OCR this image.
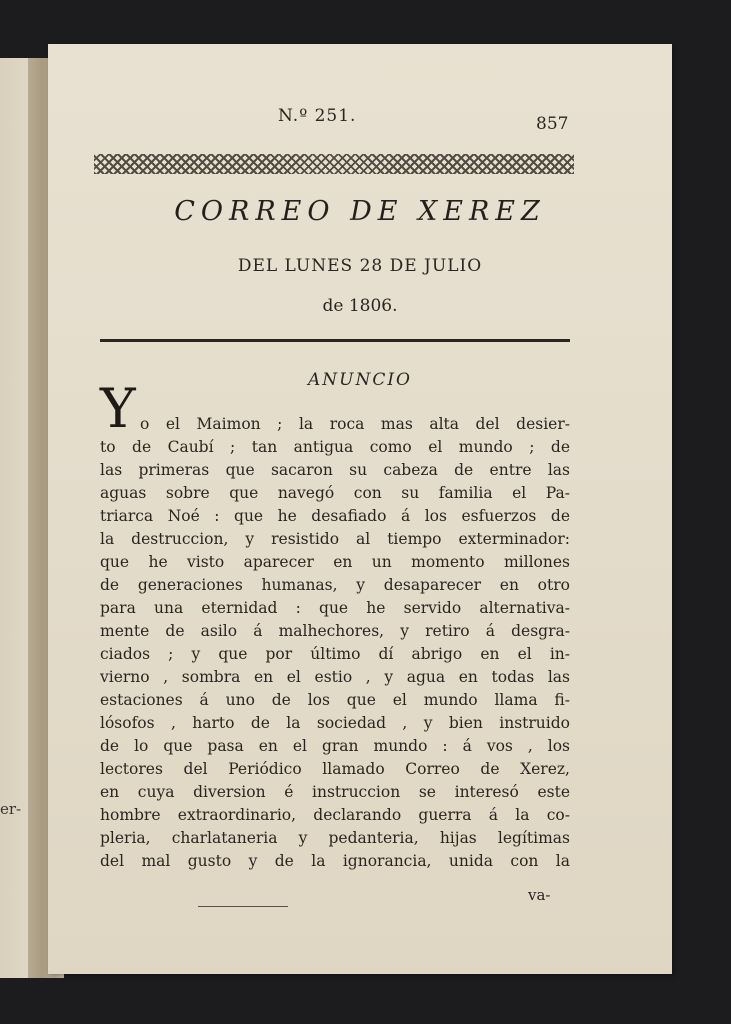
er-
N.º 251.	857
CORREO DE XEREZ
DEL LUNES 28 DE JULIO
de 1806.
ANUNCIO
Y o el Maimon ; la roca mas alta del desier-
to de Caubí ; tan antigua como el mundo ; de
las primeras que sacaron su cabeza de entre las
aguas sobre que navegó con su familia el Pa-
triarca Noé : que he desafiado á los esfuerzos de
la destruccion, y resistido al tiempo exterminador:
que he visto aparecer en un momento millones
de generaciones humanas, y desaparecer en otro
para una eternidad : que he servido alternativa-
mente de asilo á malhechores, y retiro á desgra-
ciados ; y que por último dí abrigo en el in-
vierno , sombra en el estio , y agua en todas las
estaciones á uno de los que el mundo llama fi-
lósofos , harto de la sociedad , y bien instruido
de lo que pasa en el gran mundo : á vos , los
lectores del Periódico llamado Correo de Xerez,
en cuya diversion é instruccion se interesó este
hombre extraordinario, declarando guerra á la co-
pleria, charlataneria y pedanteria, hijas legítimas
del mal gusto y de la ignorancia, unida con la
va-
